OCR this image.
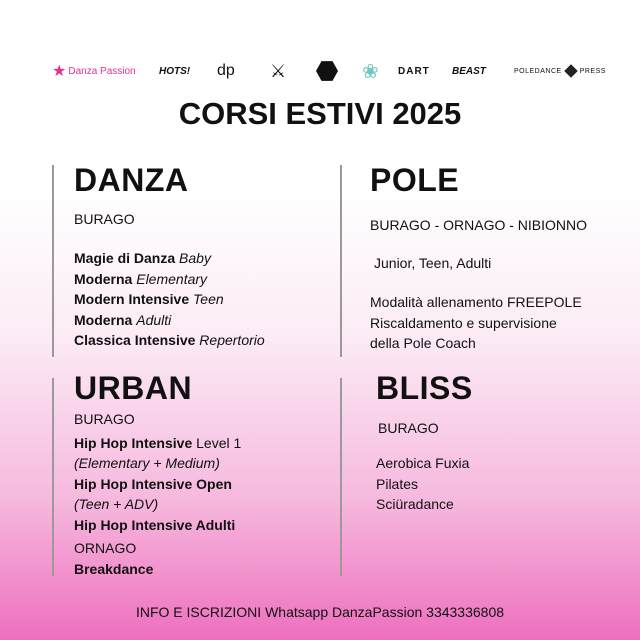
★ Danza Passion HOTS! dp ⚔	❀ DART BEAST	POLEDANCE	PRESS
CORSI ESTIVI 2025
DANZA
BURAGO
Magie di Danza Baby
Moderna Elementary
Modern Intensive Teen
Moderna Adulti
Classica Intensive Repertorio
POLE
BURAGO - ORNAGO - NIBIONNO
Junior, Teen, Adulti
Modalità allenamento FREEPOLE
Riscaldamento e supervisione
della Pole Coach
URBAN
BURAGO
Hip Hop Intensive Level 1
(Elementary + Medium)
Hip Hop Intensive Open
(Teen + ADV)
Hip Hop Intensive Adulti
ORNAGO
Breakdance
BLISS
BURAGO
Aerobica Fuxia
Pilates
Sciüradance
INFO E ISCRIZIONI Whatsapp DanzaPassion 3343336808
